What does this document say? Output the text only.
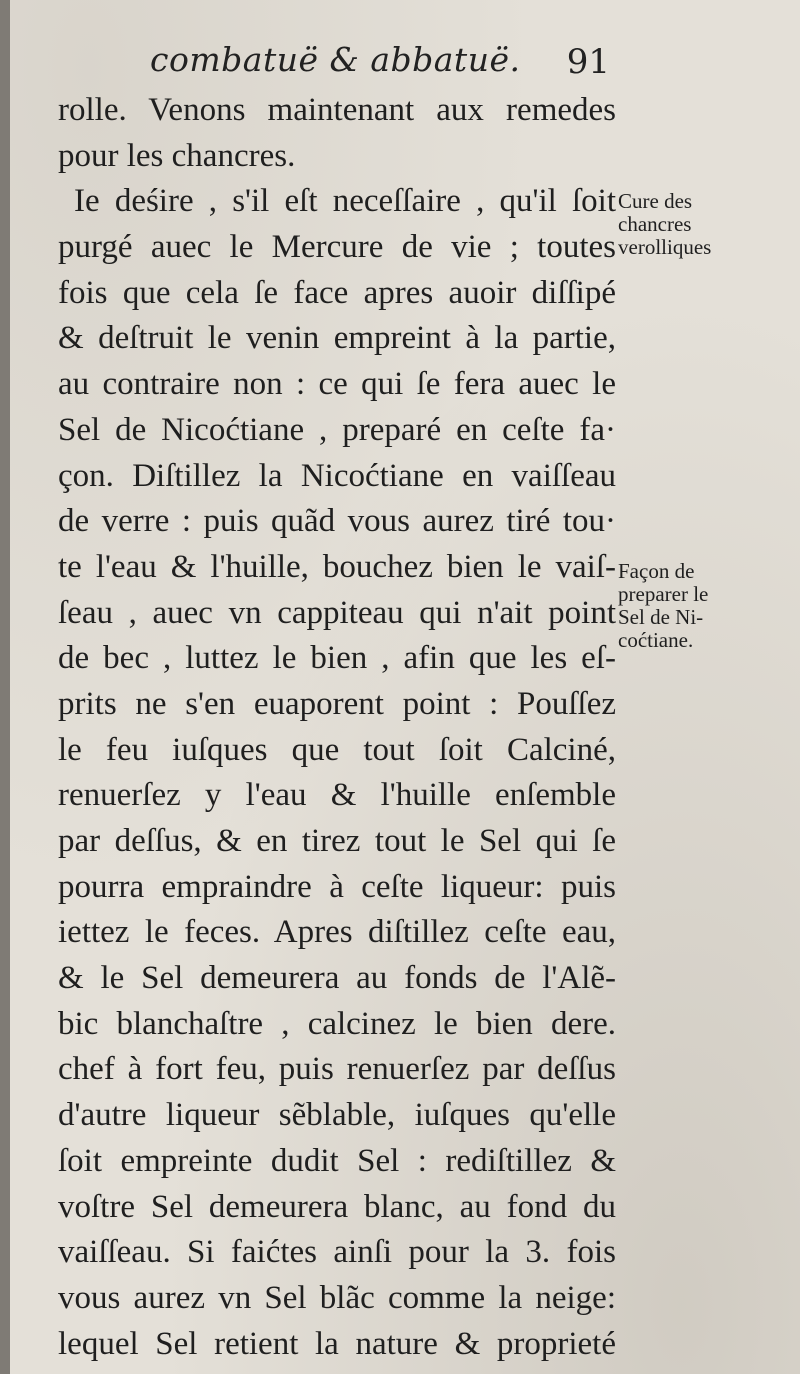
combatuë & abbatuë. 91
rolle. Venons maintenant aux remedes
pour les chancres.
Ie deśire , s'il eſt neceſſaire , qu'il ſoit
purgé auec le Mercure de vie ; toutes
fois que cela ſe face apres auoir diſſipé
& deſtruit le venin empreint à la partie,
au contraire non : ce qui ſe fera auec le
Sel de Nicoćtiane , preparé en ceſte fa·
çon. Diſtillez la Nicoćtiane en vaiſſeau
de verre : puis quãd vous aurez tiré tou·
te l'eau & l'huille, bouchez bien le vaiſ-
ſeau , auec vn cappiteau qui n'ait point
de bec , luttez le bien , afin que les eſ-
prits ne s'en euaporent point : Pouſſez
le feu iuſques que tout ſoit Calciné,
renuerſez y l'eau & l'huille enſemble
par deſſus, & en tirez tout le Sel qui ſe
pourra empraindre à ceſte liqueur: puis
iettez le feces. Apres diſtillez ceſte eau,
& le Sel demeurera au fonds de l'Alẽ-
bic blanchaſtre , calcinez le bien dere.
chef à fort feu, puis renuerſez par deſſus
d'autre liqueur sẽblable, iuſques qu'elle
ſoit empreinte dudit Sel : rediſtillez &
voſtre Sel demeurera blanc, au fond du
vaiſſeau. Si faićtes ainſi pour la 3. fois
vous aurez vn Sel blãc comme la neige:
lequel Sel retient la nature & proprieté
Cure des
chancres
verolliques
Façon de
preparer le
Sel de Ni-
coćtiane.
